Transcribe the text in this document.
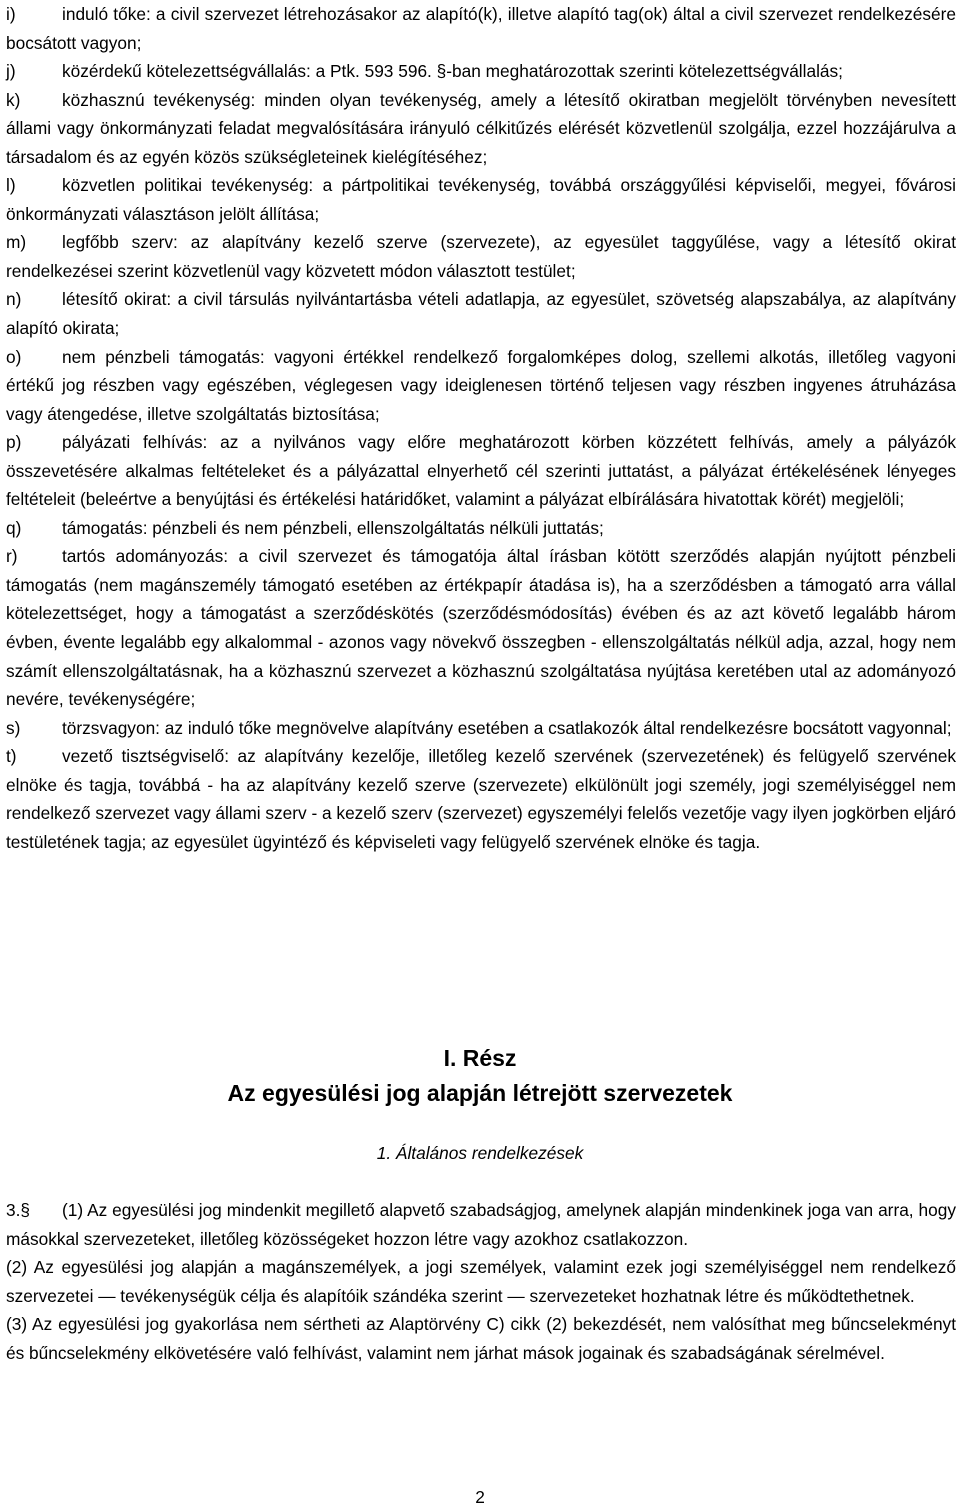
i)	induló tőke: a civil szervezet létrehozásakor az alapító(k), illetve alapító tag(ok) által a civil szervezet rendelkezésére bocsátott vagyon;

j)	közérdekű kötelezettségvállalás: a Ptk. 593 596. §-ban meghatározottak szerinti kötelezettségvállalás;

k) közhasznú tevékenység: minden olyan tevékenység, amely a létesítő okiratban megjelölt törvényben nevesített állami vagy önkormányzati feladat megvalósítására irányuló célkitűzés elérését közvetlenül szolgálja, ezzel hozzájárulva a társadalom és az egyén közös szükségleteinek kielégítéséhez;

l)	közvetlen politikai tevékenység: a pártpolitikai tevékenység, továbbá országgyűlési képviselői, megyei, fővárosi önkormányzati választáson jelölt állítása;

m) legfőbb szerv: az alapítvány kezelő szerve (szervezete), az egyesület taggyűlése, vagy a létesítő okirat rendelkezései szerint közvetlenül vagy közvetett módon választott testület;

n) létesítő okirat: a civil társulás nyilvántartásba vételi adatlapja, az egyesület, szövetség alapszabálya, az alapítvány alapító okirata;

o) nem pénzbeli támogatás: vagyoni értékkel rendelkező forgalomképes dolog, szellemi alkotás, illetőleg vagyoni értékű jog részben vagy egészében, véglegesen vagy ideiglenesen történő teljesen vagy részben ingyenes átruházása vagy átengedése, illetve szolgáltatás biztosítása;

p) pályázati felhívás: az a nyilvános vagy előre meghatározott körben közzétett felhívás, amely a pályázók összevetésére alkalmas feltételeket és a pályázattal elnyerhető cél szerinti juttatást, a pályázat értékelésének lényeges feltételeit (beleértve a benyújtási és értékelési határidőket, valamint a pályázat elbírálására hivatottak körét) megjelöli;

q) támogatás: pénzbeli és nem pénzbeli, ellenszolgáltatás nélküli juttatás;

r)	tartós adományozás: a civil szervezet és támogatója által írásban kötött szerződés alapján nyújtott pénzbeli támogatás (nem magánszemély támogató esetében az értékpapír átadása is), ha a szerződésben a támogató arra vállal kötelezettséget, hogy a támogatást a szerződéskötés (szerződésmódosítás) évében és az azt követő legalább három évben, évente legalább egy alkalommal - azonos vagy növekvő összegben - ellenszolgáltatás nélkül adja, azzal, hogy nem számít ellenszolgáltatásnak, ha a közhasznú szervezet a közhasznú szolgáltatása nyújtása keretében utal az adományozó nevére, tevékenységére;

s) törzsvagyon: az induló tőke megnövelve alapítvány esetében a csatlakozók által rendelkezésre bocsátott vagyonnal;

t)	vezető tisztségviselő: az alapítvány kezelője, illetőleg kezelő szervének (szervezetének) és felügyelő szervének elnöke és tagja, továbbá - ha az alapítvány kezelő szerve (szervezete) elkülönült jogi személy, jogi személyiséggel nem rendelkező szervezet vagy állami szerv - a kezelő szerv (szervezet) egyszemélyi felelős vezetője vagy ilyen jogkörben eljáró testületének tagja; az egyesület ügyintéző és képviseleti vagy felügyelő szervének elnöke és tagja.

I. Rész
Az egyesülési jog alapján létrejött szervezetek
1. Általános rendelkezések

3.§ (1) Az egyesülési jog mindenkit megillető alapvető szabadságjog, amelynek alapján mindenkinek joga van arra, hogy másokkal szervezeteket, illetőleg közösségeket hozzon létre vagy azokhoz csatlakozzon.

(2) Az egyesülési jog alapján a magánszemélyek, a jogi személyek, valamint ezek jogi személyiséggel nem rendelkező szervezetei — tevékenységük célja és alapítóik szándéka szerint — szervezeteket hozhatnak létre és működtethetnek.

(3) Az egyesülési jog gyakorlása nem sértheti az Alaptörvény C) cikk (2) bekezdését, nem valósíthat meg bűncselekményt és bűncselekmény elkövetésére való felhívást, valamint nem járhat mások jogainak és szabadságának sérelmével.

2
